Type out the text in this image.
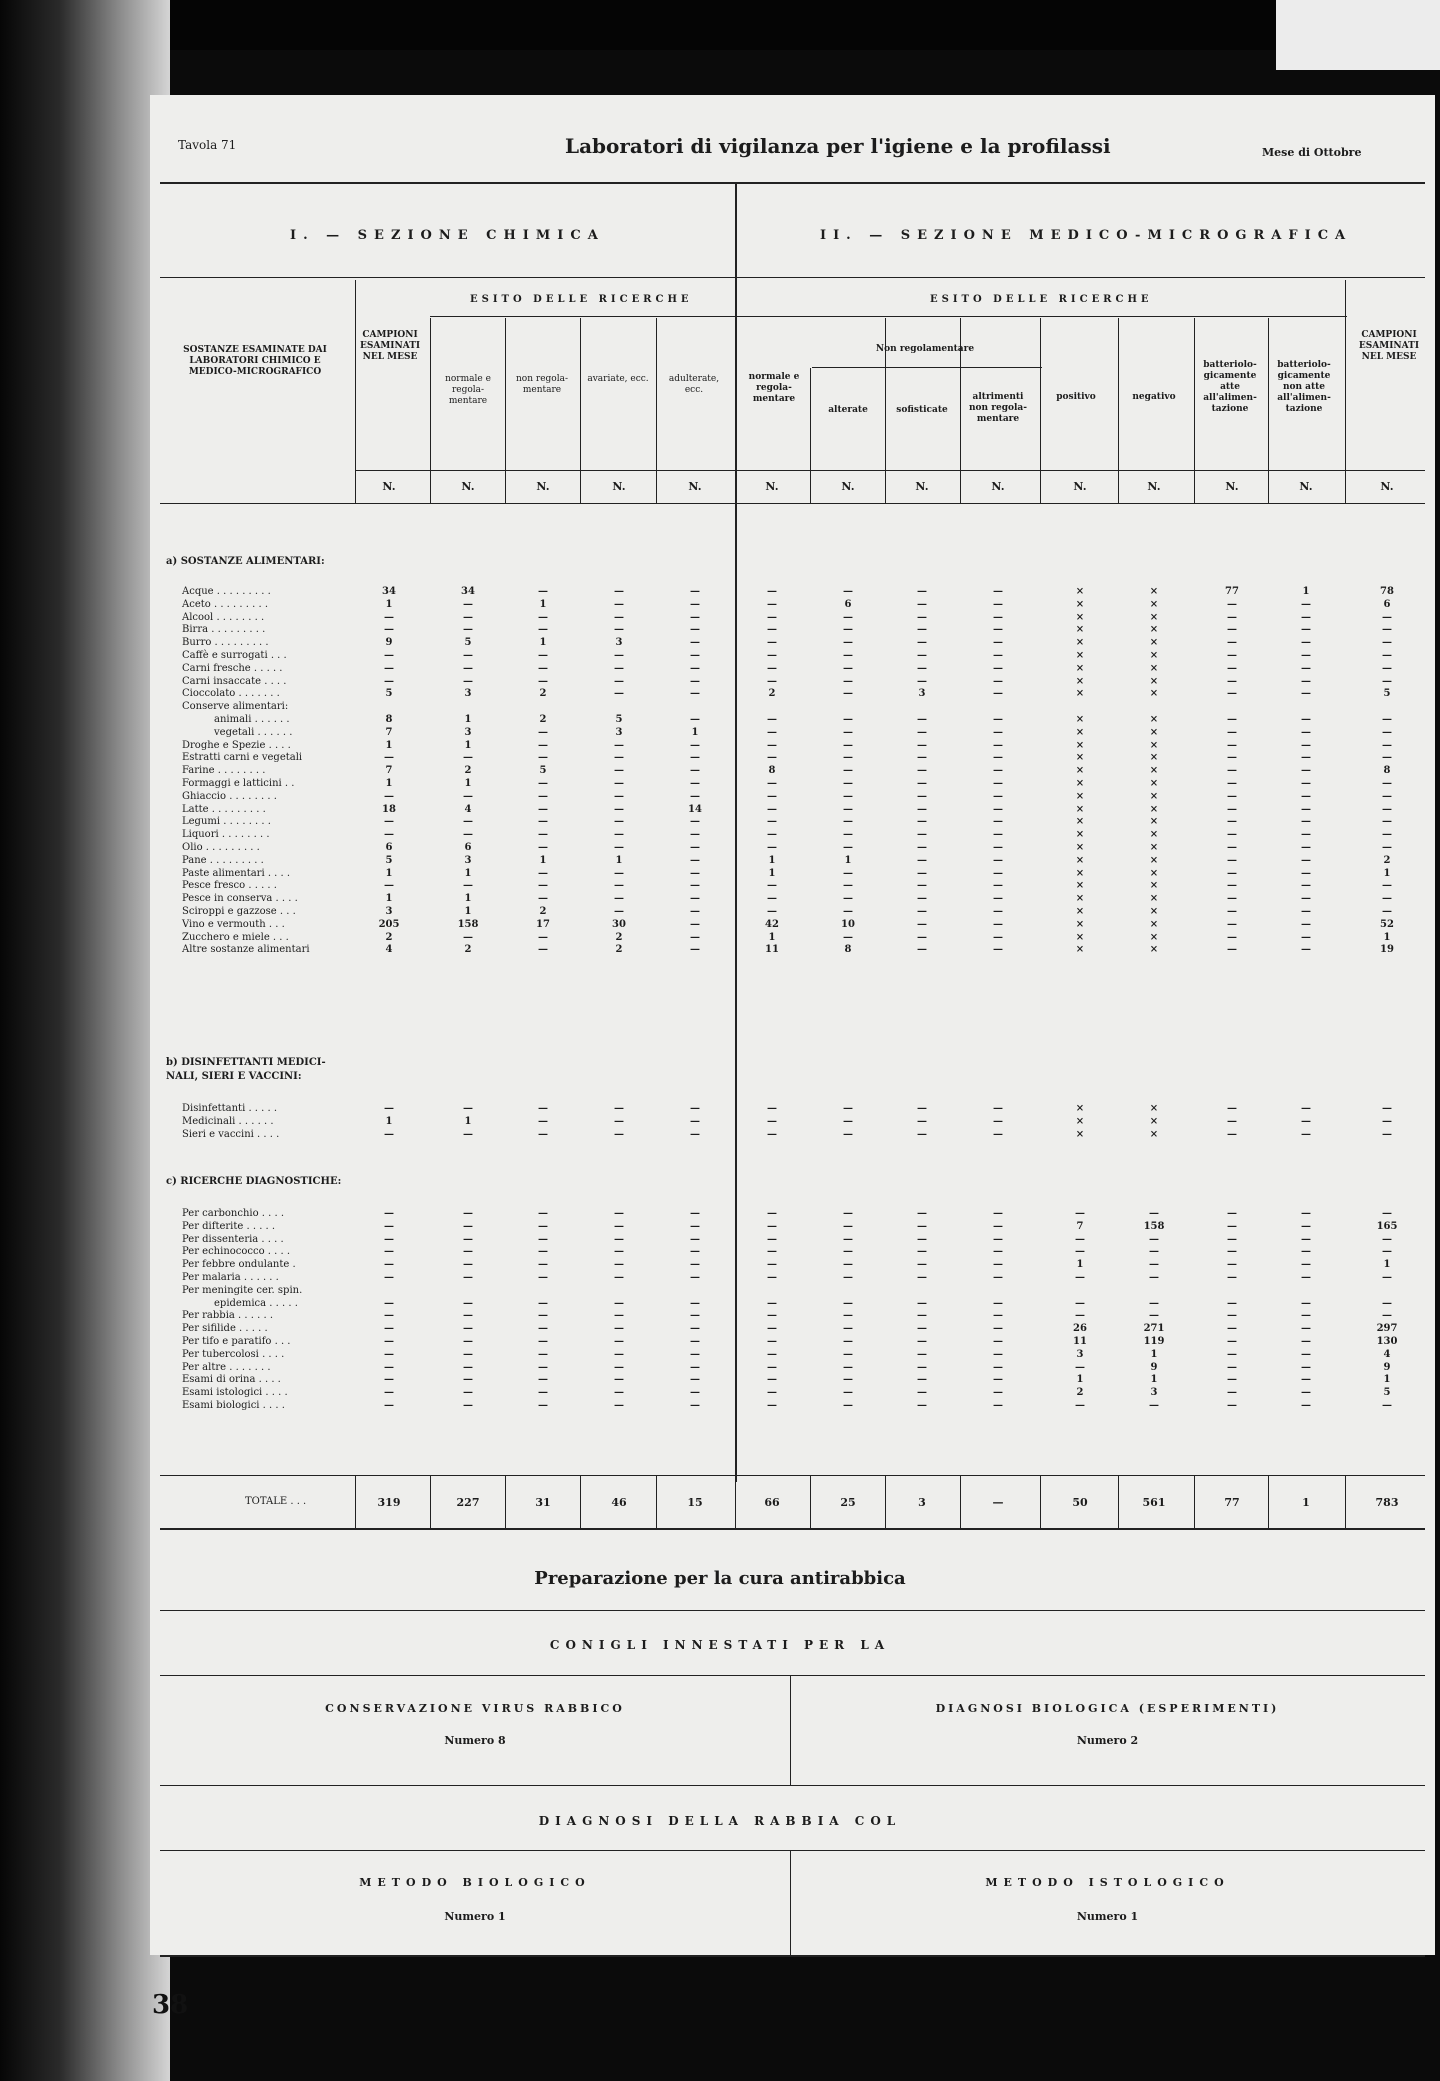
Tavola 71	Laboratori di vigilanza per l'igiene e la profilassi	Mese di Ottobre
I. — SEZIONE CHIMICA	II. — SEZIONE MEDICO-MICROGRAFICA
ESITO DELLE RICERCHE	ESITO DELLE RICERCHE
SOSTANZE ESAMINATE DAI LABORATORI CHIMICO E MEDICO-MICROGRAFICO
CAMPIONI ESAMINATI NEL MESE
normale e regola-mentare
non regola-mentare
avariate, ecc.	adulterate, ecc.
normale e regola-mentare
Non regolamentare
alterate	sofisticate
altrimenti non regola-mentare
positivo	negativo
batteriolo-gicamente atte all'alimen-tazione
batteriolo-gicamente non atte all'alimen-tazione
CAMPIONI ESAMINATI NEL MESE
N.	N.	N.	N.	N.	N.	N.	N.	N.	N.	N.	N.	N.	N.
a) SOSTANZE ALIMENTARI:
b) DISINFETTANTI MEDICI-NALI, SIERI E VACCINI:
c) RICERCHE DIAGNOSTICHE:
Acque . . . . . . . . .	34	34	—	—	—	—	—	—	—	×	×	77	1	78
Aceto . . . . . . . . .	1	—	1	—	—	—	6	—	—	×	×	—	—	6
Alcool . . . . . . . .	—	—	—	—	—	—	—	—	—	×	×	—	—	—
Birra . . . . . . . . .	—	—	—	—	—	—	—	—	—	×	×	—	—	—
Burro . . . . . . . . .	9	5	1	3	—	—	—	—	—	×	×	—	—	—
Caffè e surrogati . . .	—	—	—	—	—	—	—	—	—	×	×	—	—	—
Carni fresche . . . . .	—	—	—	—	—	—	—	—	—	×	×	—	—	—
Carni insaccate . . . .	—	—	—	—	—	—	—	—	—	×	×	—	—	—
Cioccolato . . . . . . .	5	3	2	—	—	2	—	3	—	×	×	—	—	5
Conserve alimentari:
animali . . . . . .	8	1	2	5	—	—	—	—	—	×	×	—	—	—
vegetali . . . . . .	7	3	—	3	1	—	—	—	—	×	×	—	—	—
Droghe e Spezie . . . .	1	1	—	—	—	—	—	—	—	×	×	—	—	—
Estratti carni e vegetali	—	—	—	—	—	—	—	—	—	×	×	—	—	—
Farine . . . . . . . .	7	2	5	—	—	8	—	—	—	×	×	—	—	8
Formaggi e latticini . .	1	1	—	—	—	—	—	—	—	×	×	—	—	—
Ghiaccio . . . . . . . .	—	—	—	—	—	—	—	—	—	×	×	—	—	—
Latte . . . . . . . . .	18	4	—	—	14	—	—	—	—	×	×	—	—	—
Legumi . . . . . . . .	—	—	—	—	—	—	—	—	—	×	×	—	—	—
Liquori . . . . . . . .	—	—	—	—	—	—	—	—	—	×	×	—	—	—
Olio . . . . . . . . .	6	6	—	—	—	—	—	—	—	×	×	—	—	—
Pane . . . . . . . . .	5	3	1	1	—	1	1	—	—	×	×	—	—	2
Paste alimentari . . . .	1	1	—	—	—	1	—	—	—	×	×	—	—	1
Pesce fresco . . . . .	—	—	—	—	—	—	—	—	—	×	×	—	—	—
Pesce in conserva . . . .	1	1	—	—	—	—	—	—	—	×	×	—	—	—
Sciroppi e gazzose . . .	3	1	2	—	—	—	—	—	—	×	×	—	—	—
Vino e vermouth . . .	205	158	17	30	—	42	10	—	—	×	×	—	—	52
Zucchero e miele . . .	2	—	—	2	—	1	—	—	—	×	×	—	—	1
Altre sostanze alimentari	4	2	—	2	—	11	8	—	—	×	×	—	—	19
Disinfettanti . . . . .	—	—	—	—	—	—	—	—	—	×	×	—	—	—
Medicinali . . . . . .	1	1	—	—	—	—	—	—	—	×	×	—	—	—
Sieri e vaccini . . . .	—	—	—	—	—	—	—	—	—	×	×	—	—	—
Per carbonchio . . . .	—	—	—	—	—	—	—	—	—	—	—	—	—	—
Per difterite . . . . .	—	—	—	—	—	—	—	—	—	7	158	—	—	165
Per dissenteria . . . .	—	—	—	—	—	—	—	—	—	—	—	—	—	—
Per echinococco . . . .	—	—	—	—	—	—	—	—	—	—	—	—	—	—
Per febbre ondulante .	—	—	—	—	—	—	—	—	—	1	—	—	—	1
Per malaria . . . . . .	—	—	—	—	—	—	—	—	—	—	—	—	—	—
Per meningite cer. spin.
epidemica . . . . .	—	—	—	—	—	—	—	—	—	—	—	—	—	—
Per rabbia . . . . . .	—	—	—	—	—	—	—	—	—	—	—	—	—	—
Per sifilide . . . . .	—	—	—	—	—	—	—	—	—	26	271	—	—	297
Per tifo e paratifo . . .	—	—	—	—	—	—	—	—	—	11	119	—	—	130
Per tubercolosi . . . .	—	—	—	—	—	—	—	—	—	3	1	—	—	4
Per altre . . . . . . .	—	—	—	—	—	—	—	—	—	—	9	—	—	9
Esami di orina . . . .	—	—	—	—	—	—	—	—	—	1	1	—	—	1
Esami istologici . . . .	—	—	—	—	—	—	—	—	—	2	3	—	—	5
Esami biologici . . . .	—	—	—	—	—	—	—	—	—	—	—	—	—	—
TOTALE . . .	319	227	31	46	15	66	25	3	—	50	561	77	1	783
Preparazione per la cura antirabbica
CONIGLI INNESTATI PER LA
CONSERVAZIONE VIRUS RABBICO
Numero 8
DIAGNOSI BIOLOGICA (ESPERIMENTI)
Numero 2
DIAGNOSI DELLA RABBIA COL
METODO BIOLOGICO
Numero 1
METODO ISTOLOGICO
Numero 1
38
